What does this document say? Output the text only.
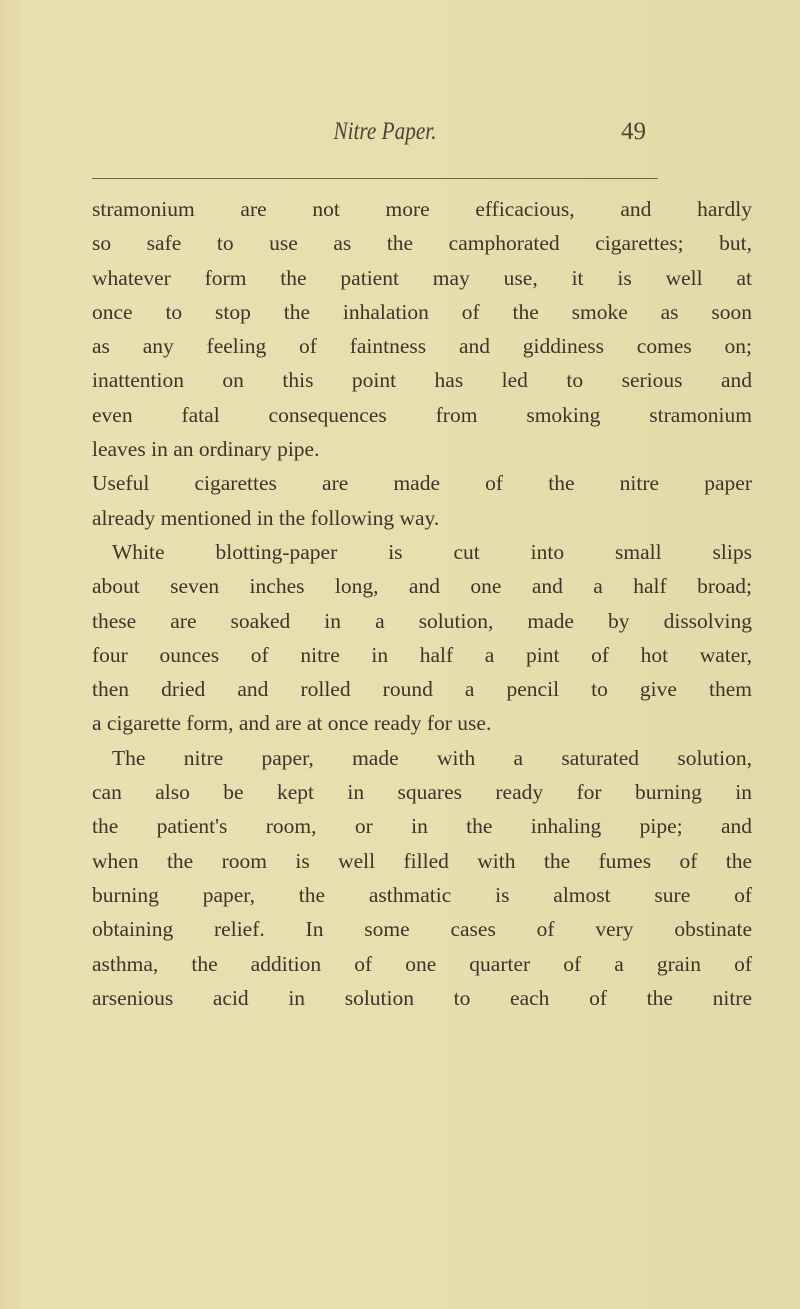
Nitre Paper.	49
stramonium are not more efficacious, and hardly
so safe to use as the camphorated cigarettes; but,
whatever form the patient may use, it is well at
once to stop the inhalation of the smoke as soon
as any feeling of faintness and giddiness comes on;
inattention on this point has led to serious and
even fatal consequences from smoking stramonium
leaves in an ordinary pipe.
Useful cigarettes are made of the nitre paper
already mentioned in the following way.
White blotting-paper is cut into small slips
about seven inches long, and one and a half broad;
these are soaked in a solution, made by dissolving
four ounces of nitre in half a pint of hot water,
then dried and rolled round a pencil to give them
a cigarette form, and are at once ready for use.
The nitre paper, made with a saturated solution,
can also be kept in squares ready for burning in
the patient's room, or in the inhaling pipe; and
when the room is well filled with the fumes of the
burning paper, the asthmatic is almost sure of
obtaining relief. In some cases of very obstinate
asthma, the addition of one quarter of a grain of
arsenious acid in solution to each of the nitre
